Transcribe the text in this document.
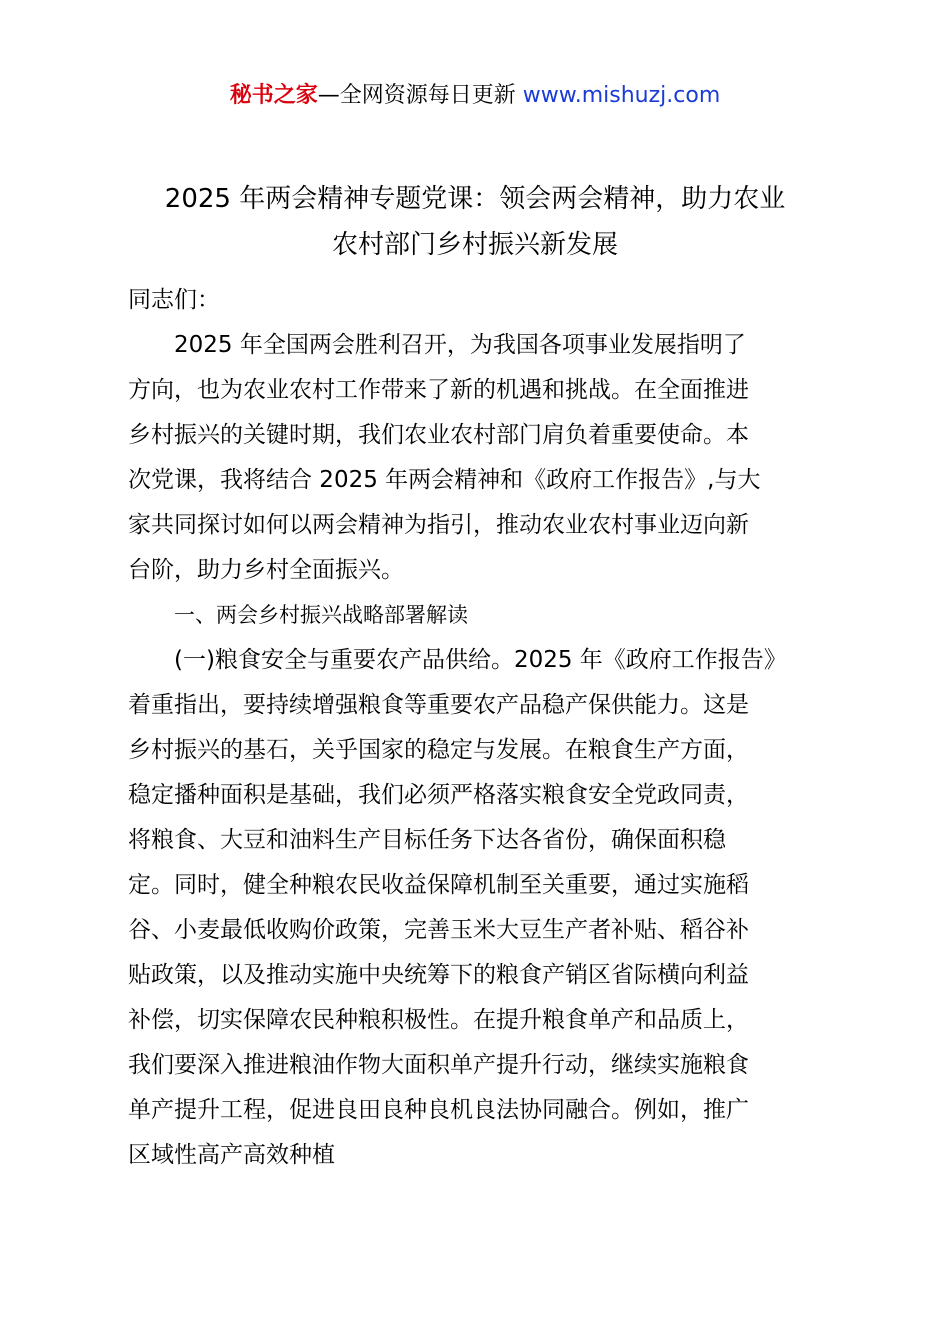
秘书之家—全网资源每日更新 www.mishuzj.com
2025 年两会精神专题党课：领会两会精神，助力农业
农村部门乡村振兴新发展
同志们：
2025 年全国两会胜利召开，为我国各项事业发展指明了
方向，也为农业农村工作带来了新的机遇和挑战。在全面推进
乡村振兴的关键时期，我们农业农村部门肩负着重要使命。本
次党课，我将结合 2025 年两会精神和《政府工作报告》,与大
家共同探讨如何以两会精神为指引，推动农业农村事业迈向新
台阶，助力乡村全面振兴。
一、两会乡村振兴战略部署解读
(一)粮食安全与重要农产品供给。2025 年《政府工作报告》
着重指出，要持续增强粮食等重要农产品稳产保供能力。这是
乡村振兴的基石，关乎国家的稳定与发展。在粮食生产方面，
稳定播种面积是基础，我们必须严格落实粮食安全党政同责，
将粮食、大豆和油料生产目标任务下达各省份，确保面积稳
定。同时，健全种粮农民收益保障机制至关重要，通过实施稻
谷、小麦最低收购价政策，完善玉米大豆生产者补贴、稻谷补
贴政策，以及推动实施中央统筹下的粮食产销区省际横向利益
补偿，切实保障农民种粮积极性。在提升粮食单产和品质上，
我们要深入推进粮油作物大面积单产提升行动，继续实施粮食
单产提升工程，促进良田良种良机良法协同融合。例如，推广
区域性高产高效种植
